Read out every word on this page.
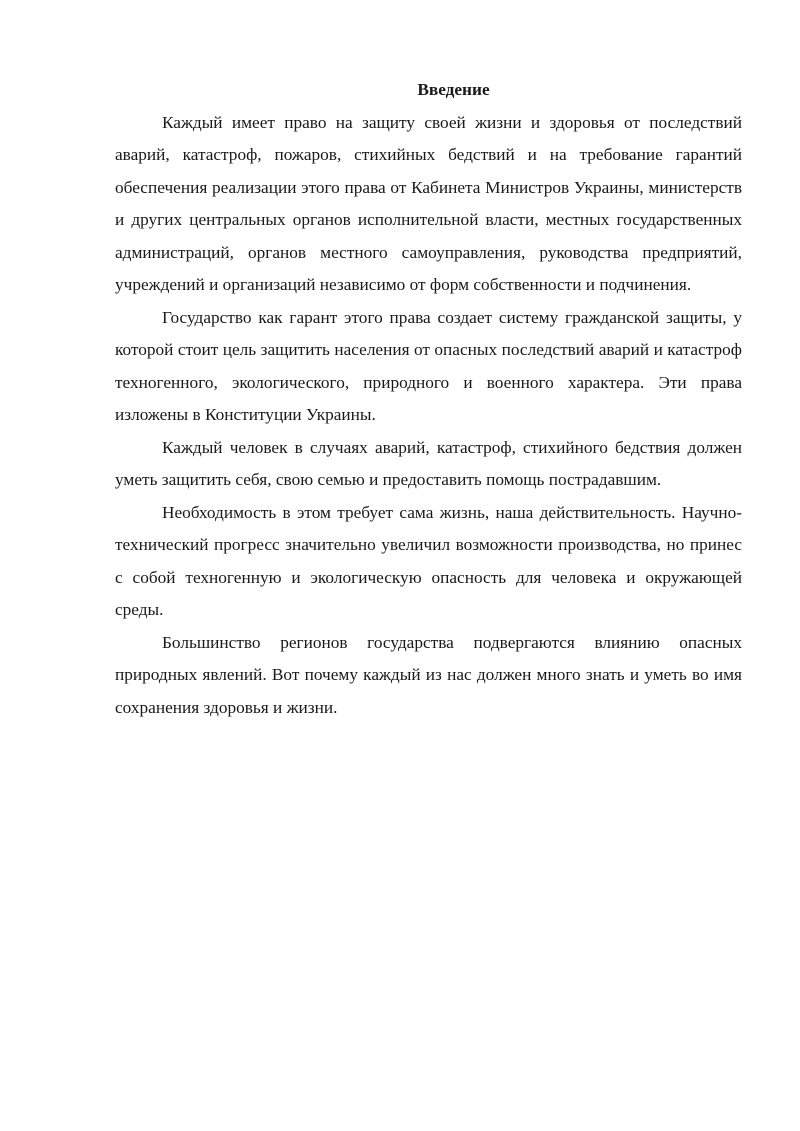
Введение

Каждый имеет право на защиту своей жизни и здоровья от последствий аварий, катастроф, пожаров, стихийных бедствий и на требование гарантий обеспечения реализации этого права от Кабинета Министров Украины, министерств и других центральных органов исполнительной власти, местных государственных администраций, органов местного самоуправления, руководства предприятий, учреждений и организаций независимо от форм собственности и подчинения.

Государство как гарант этого права создает систему гражданской защиты, у которой стоит цель защитить населения от опасных последствий аварий и катастроф техногенного, экологического, природного и военного характера. Эти права изложены в Конституции Украины.

Каждый человек в случаях аварий, катастроф, стихийного бедствия должен уметь защитить себя, свою семью и предоставить помощь пострадавшим.

Необходимость в этом требует сама жизнь, наша действительность. Научно-технический прогресс значительно увеличил возможности производства, но принес с собой техногенную и экологическую опасность для человека и окружающей среды.

Большинство регионов государства подвергаются влиянию опасных природных явлений. Вот почему каждый из нас должен много знать и уметь во имя сохранения здоровья и жизни.
